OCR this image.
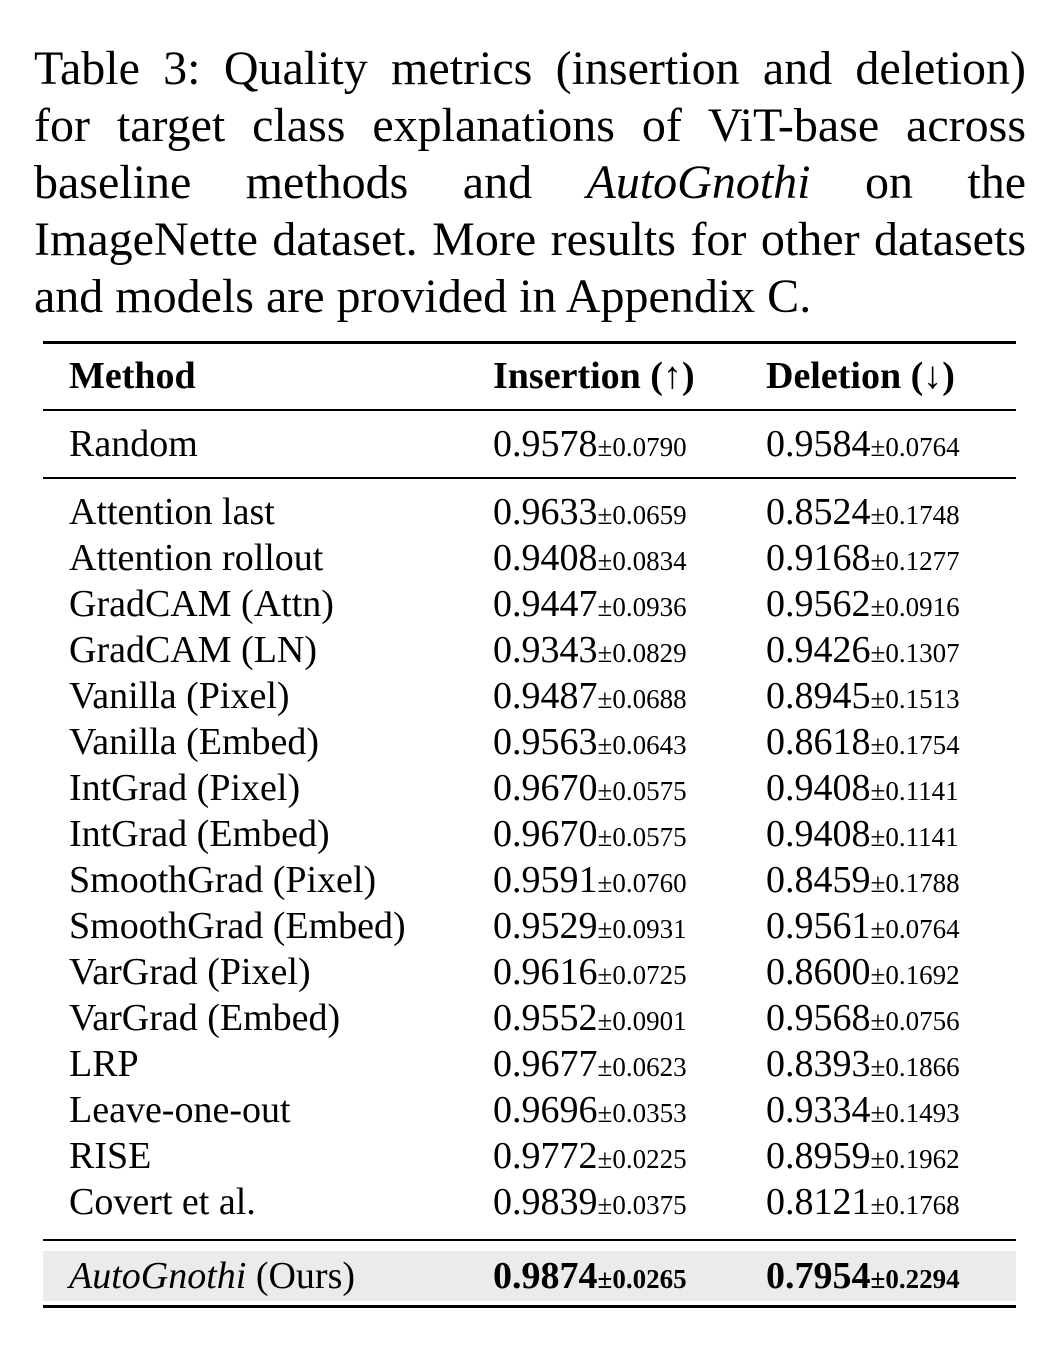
Table 3: Quality metrics (insertion and deletion) for target class explanations of ViT-base across baseline methods and AutoGnothi on the ImageNette dataset. More results for other datasets and models are provided in Appendix C.

Method	Insertion (↑) Deletion (↓)
Random	0.9578±0.0790 0.9584±0.0764
Attention last	0.9633±0.0659 0.8524±0.1748
Attention rollout	0.9408±0.0834 0.9168±0.1277
GradCAM (Attn)	0.9447±0.0936 0.9562±0.0916
GradCAM (LN)	0.9343±0.0829 0.9426±0.1307
Vanilla (Pixel)	0.9487±0.0688 0.8945±0.1513
Vanilla (Embed)	0.9563±0.0643 0.8618±0.1754
IntGrad (Pixel)	0.9670±0.0575 0.9408±0.1141
IntGrad (Embed)	0.9670±0.0575 0.9408±0.1141
SmoothGrad (Pixel)	0.9591±0.0760 0.8459±0.1788
SmoothGrad (Embed) 0.9529±0.0931 0.9561±0.0764
VarGrad (Pixel)	0.9616±0.0725 0.8600±0.1692
VarGrad (Embed)	0.9552±0.0901 0.9568±0.0756
LRP	0.9677±0.0623 0.8393±0.1866
Leave-one-out	0.9696±0.0353 0.9334±0.1493
RISE	0.9772±0.0225 0.8959±0.1962
Covert et al.	0.9839±0.0375 0.8121±0.1768
AutoGnothi (Ours)	0.9874±0.0265 0.7954±0.2294
